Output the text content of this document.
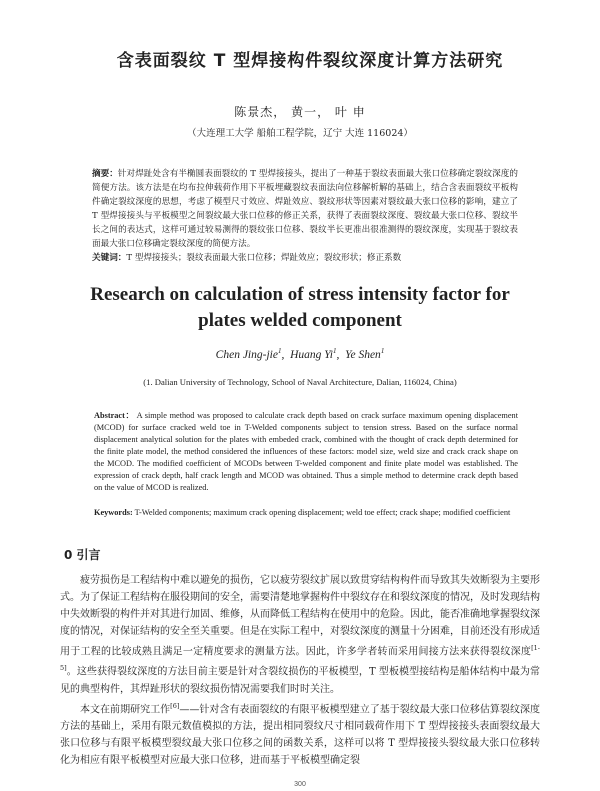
含表面裂纹 T 型焊接构件裂纹深度计算方法研究
陈景杰， 黄一， 叶 申
（大连理工大学 船舶工程学院，辽宁 大连 116024）
摘要：针对焊趾处含有半椭圆表面裂纹的 T 型焊接接头，提出了一种基于裂纹表面最大张口位移确定裂纹深度的简便方法。该方法是在均布拉伸载荷作用下平板埋藏裂纹表面法向位移解析解的基础上，结合含表面裂纹平板构件确定裂纹深度的思想，考虑了模型尺寸效应、焊趾效应、裂纹形状等因素对裂纹最大张口位移的影响，建立了 T 型焊接接头与平板模型之间裂纹最大张口位移的修正关系，获得了表面裂纹深度、裂纹最大张口位移、裂纹半长之间的表达式，这样可通过较易测得的裂纹张口位移、裂纹半长更准出很准测得的裂纹深度，实现基于裂纹表面最大张口位移确定裂纹深度的简便方法。
关键词：T 型焊接接头；裂纹表面最大张口位移；焊趾效应；裂纹形状；修正系数
Research on calculation of stress intensity factor for plates welded component
Chen Jing-jie$^1$,  Huang Yi$^1$,  Ye Shen$^1$
(1. Dalian University of Technology, School of Naval Architecture, Dalian, 116024, China)
Abstract： A simple method was proposed to calculate crack depth based on crack surface maximum opening displacement (MCOD) for surface cracked weld toe in T-Welded components subject to tension stress. Based on the surface normal displacement analytical solution for the plates with embeded crack, combined with the thought of crack depth determined for the finite plate model, the method considered the influences of these factors: model size, weld size and crack crack shape on the MCOD. The modified coefficient of MCODs between T-welded component and finite plate model was established. The expression of crack depth, half crack length and MCOD was obtained. Thus a simple method to determine crack depth based on the value of MCOD is realized.
Keywords: T-Welded components; maximum crack opening displacement; weld toe effect; crack shape; modified coefficient
0 引言

疲劳损伤是工程结构中难以避免的损伤，它以疲劳裂纹扩展以致贯穿结构构件而导致其失效断裂为主要形式。为了保证工程结构在服役期间的安全，需要清楚地掌握构件中裂纹存在和裂纹深度的情况，及时发现结构中失效断裂的构件并对其进行加固、维修，从而降低工程结构在使用中的危险。因此，能否准确地掌握裂纹深度的情况，对保证结构的安全至关重要。但是在实际工程中，对裂纹深度的测量十分困难，目前还没有形成适用于工程的比较成熟且满足一定精度要求的测量方法。因此，许多学者转而采用间接方法来获得裂纹深度[1-5]。这些获得裂纹深度的方法目前主要是针对含裂纹损伤的平板模型，T 型板模型接结构是船体结构中最为常见的典型构件，其焊趾形状的裂纹损伤情况需要我们时时关注。

本文在前期研究工作[6]——针对含有表面裂纹的有限平板模型建立了基于裂纹最大张口位移估算裂纹深度方法的基础上，采用有限元数值模拟的方法，提出相同裂纹尺寸相同载荷作用下 T 型焊接接头表面裂纹最大张口位移与有限平板模型裂纹最大张口位移之间的函数关系，这样可以将 T 型焊接接头裂纹最大张口位移转化为相应有限平板模型对应最大张口位移，进而基于平板模型确定裂

300
